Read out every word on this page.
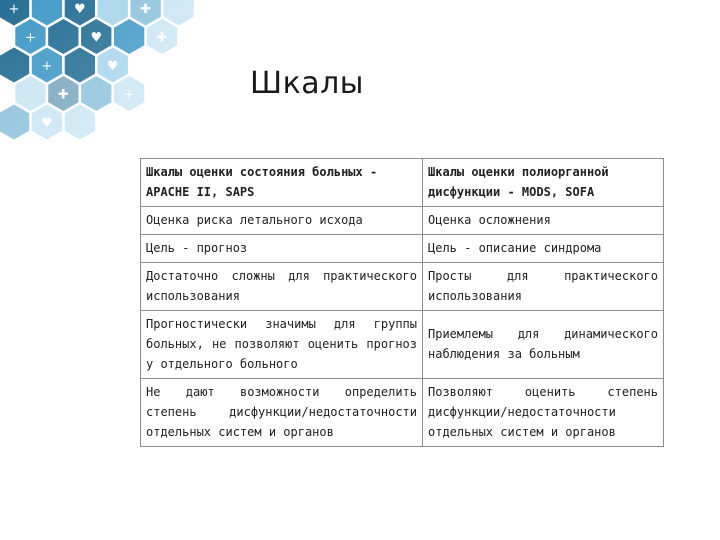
+	♥	✚
+	♥	✚
+	♥
✚	+
♥
Шкалы
Шкалы оценки состояния больных - APACHE II, SAPS	Шкалы оценки полиорганной дисфункции - MODS, SOFA
Оценка риска летального исхода	Оценка осложнения
Цель - прогноз	Цель - описание синдрома
Достаточно сложны для практического использования	Просты для практического использования
Прогностически значимы для группы больных, не позволяют оценить прогноз у отдельного больного	Приемлемы для динамического наблюдения за больным
Не дают возможности определить степень дисфункции/недостаточности отдельных систем и органов	Позволяют оценить степень дисфункции/недостаточности отдельных систем и органов
